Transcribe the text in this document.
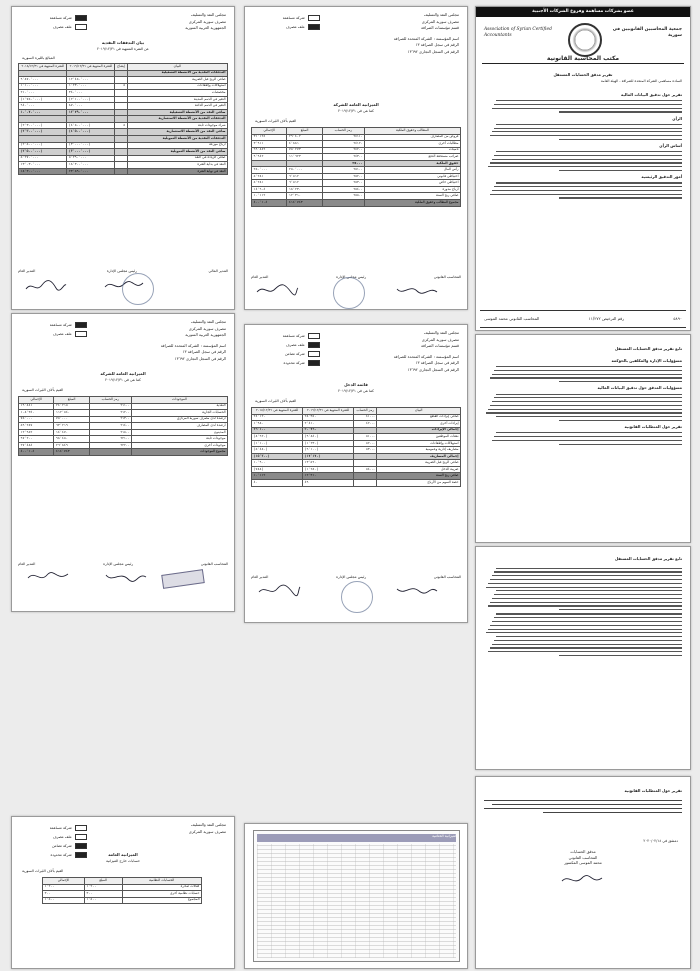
مجلس النقد والتسليف
مصرف سورية المركزي
الجمهورية العربية السورية
شركة مساهمة
ملف مصرف
بيان التدفقات النقدية
عن الفترة المنتهية في ٢٠١٩/١٢/٣١
المبالغ بالليرة السورية
البيان	إيضاح	للفترة المنتهية في ٢٠١٩/١٢/٣١	للفترة المنتهية في ٢٠١٨/١٢/٣١
التدفقات النقدية من الأنشطة التشغيلية			
صافي الربح قبل الضريبة		١٢٬٤٥٠٬٠٠٠	٩٬٨٧٠٬٠٠٠
استهلاكات وإطفاءات	٥	١٬٢٣٠٬٠٠٠	١٬١٠٠٬٠٠٠
مخصصات		٣٤٠٬٠٠٠	٢١٠٬٠٠٠
التغير في الذمم المدينة		(٢٬١٠٠٬٠٠٠)	(١٬٧٥٠٬٠٠٠)
التغير في الذمم الدائنة		٨٧٠٬٠٠٠	٦٤٠٬٠٠٠
صافي النقد من الأنشطة التشغيلية		١٢٬٧٩٠٬٠٠٠	١٠٬٠٧٠٬٠٠٠
التدفقات النقدية من الأنشطة الاستثمارية			
شراء موجودات ثابتة	٥	(٤٬٥٠٠٬٠٠٠)	(٢٬٣٠٠٬٠٠٠)
صافي النقد من الأنشطة الاستثمارية		(٤٬٥٠٠٬٠٠٠)	(٢٬٣٠٠٬٠٠٠)
التدفقات النقدية من الأنشطة التمويلية			
أرباح موزعة		(٣٬٠٠٠٬٠٠٠)	(٢٬٥٠٠٬٠٠٠)
صافي النقد من الأنشطة التمويلية		(٣٬٠٠٠٬٠٠٠)	(٢٬٥٠٠٬٠٠٠)
صافي الزيادة في النقد		٥٬٢٩٠٬٠٠٠	٥٬٢٧٠٬٠٠٠
النقد في بداية الفترة		١٨٬٣٠٠٬٠٠٠	١٣٬٠٣٠٬٠٠٠
النقد في نهاية الفترة		٢٣٬٥٩٠٬٠٠٠	١٨٬٣٠٠٬٠٠٠
المدير المالي
رئيس مجلس الإدارة
المدير العام
مجلس النقد والتسليف
مصرف سورية المركزي
قسم مؤسسات الصرافة
اسم المؤسسة : الشركة المتحدة للصرافة
الرقم في سجل الصرافة ١٣
الرقم في السجل التجاري ١٣٦٩٢
شركة مساهمة
ملف مصرف
الميزانية العامة للشركة
كما هي في ٢٠١٩/١٢/٣١
القيم بآلاف الليرات السورية
المطالب وحقوق الملكية	رمز الحساب	المبلغ	الإجمالي
قروض من المصارف	٢٤١١٠	٢٩٬٤٠٢	٣١٬١٢٤
مطالبات أخرى	٢٤١٢٠	٤٬٨٨١	٣٬٩١١
تأمينات	٢٤٢٠٠	٧٥٬٢٧٣	٦٩٬٨٤٩
ضرائب مستحقة الدفع	٢٤٣٠٠	١١٬٦٢٣	٩٬٩٤٢
حقوق الملكية	٢٥٠٠٠		
رأس المال	٢٥١٠٠	٢٥٠٬٠٠٠	٢٥٠٬٠٠٠
احتياطي قانوني	٢٥٢٠٠	٦٬٥١٢	٥٬٢٨١
احتياطي خاص	٢٥٣٠٠	٦٬٥١٢	٥٬٢٨١
أرباح مدورة	٢٥٤٠٠	١٨٬٢٣٠	١٤٬٦٠٤
صافي ربح السنة	٢٥٥٠٠	١٢٬٣١٠	١٠٬١١٢
مجموع المطالب وحقوق الملكية		٤١٤٬٧٤٣	٤٠٠٬١٠٤
المحاسب القانوني
رئيس مجلس الإدارة
المدير العام
عضو بشركات مساهمة وفروع الشركات الأجنبية
Association of Syrian Certified Accountants
جمعية المحاسبين القانونيين في سورية
مكتب المحاسبة القانونية
تقرير مدقق الحسابات المستقل

السادة مساهمي الشركة المتحدة للصرافة - الهيئة العامة

تقرير حول تدقيق البيانات المالية
الرأي
أساس الرأي
أمور التدقيق الرئيسية
٥٨٩٠
رقم الترخيص ١١/٢٧٢
المحاسب القانوني محمد الموسى
مجلس النقد والتسليف
مصرف سورية المركزي
الجمهورية العربية السورية
اسم المؤسسة : الشركة المتحدة للصرافة
الرقم في سجل الصرافة ١٣
الرقم في السجل التجاري ١٣٦٩٢
شركة مساهمة
ملف مصرف
الميزانية العامة للشركة
كما هي في ٢٠١٩/١٢/٣١
القيم بآلاف الليرات السورية
الموجودات	رمز الحساب	المبلغ	الإجمالي
النقدية	٢١١٠٠	٢٤٬٢١٥	١٩٬٨٤١
الحسابات الجارية	٢١٢٠٠	١١٢٬٥٤٠	١٠٨٬٣٤٠
أرصدة لدى مصرف سورية المركزي	٢١٣٠٠	٧٥٬٠٠٠	٧٥٬٠٠٠
أرصدة لدى المصارف	٢١٤٠٠	٦٣٬٢١٩	٥٩٬٢٨٧
المدينون	٢١٥٠٠	١٤٬٤٧٠	١٢٬٩٥٢
موجودات ثابتة	٢٢١٠٠	٩٨٬٤٥٠	٩٧٬٢٠٠
موجودات أخرى	٢٢٢٠٠	٢٦٬٨٤٩	٢٧٬٤٨٤
مجموع الموجودات		٤١٤٬٧٤٣	٤٠٠٬١٠٤
المحاسب القانوني
رئيس مجلس الإدارة
المدير العام
مجلس النقد والتسليف
مصرف سورية المركزي
قسم مؤسسات الصرافة
اسم المؤسسة : الشركة المتحدة للصرافة
الرقم في سجل الصرافة ١٣
الرقم في السجل التجاري ١٣٦٩٢
شركة مساهمة
ملف مصرف
شركة تضامن
شركة محدودة
قائمة الدخل
كما هي في ٢٠١٩/١٢/٣١
القيم بآلاف الليرات السورية
البيان	رمز الحساب	للفترة المنتهية في ٢٠١٩/١٢/٣١	للفترة المنتهية في ٢٠١٨/١٢/٣١
صافي إيرادات القطع	٤١٠٠٠	٢٨٬٣٥٠	٢٤٬١٢٠
إيرادات أخرى	٤٢٠٠٠	٢٬٤١٠	١٬٩٨٠
إجمالي الإيرادات		٣٠٬٧٦٠	٢٦٬١٠٠
نفقات الموظفين	٥١٠٠٠	(٩٬٨٤٠)	(٨٬٦٢٠)
استهلاكات وإطفاءات	٥٢٠٠٠	(١٬٢٣٠)	(١٬١٠٠)
مصاريف إدارية وعمومية	٥٣٠٠٠	(٦٬١٠٠)	(٥٬٤٨٠)
إجمالي المصاريف		(١٧٬١٧٠)	(١٥٬٢٠٠)
صافي الربح قبل الضريبة		١٣٬٥٩٠	١٠٬٩٠٠
ضريبة الدخل	٥٤٠٠٠	(١٬٢٨٠)	(٧٨٨)
صافي ربح السنة		١٢٬٣١٠	١٠٬١١٢
حصة السهم من الأرباح		٤٩	٤٠
المحاسب القانوني
رئيس مجلس الإدارة
المدير العام
تابع تقرير مدقق الحسابات المستقل
مسؤوليات الإدارة والمكلفين بالحوكمة
مسؤوليات المدقق حول تدقيق البيانات المالية
تقرير حول المتطلبات القانونية
تابع تقرير مدقق الحسابات المستقل
مجلس النقد والتسليف
مصرف سورية المركزي
شركة مساهمة
ملف مصرف
شركة تضامن
شركة محدودة	الميزانية العامة
حسابات خارج الميزانية
القيم بآلاف الليرات السورية
الحسابات النظامية	المبلغ	الإجمالي
كفالات صادرة	١٬٢٠٠	١٬٢٠٠
حسابات نظامية أخرى	٣٠٠	٣٠٠
المجموع	١٬٥٠٠	١٬٥٠٠
الميزانية الختامية
تقرير حول المتطلبات القانونية
دمشق في ٢٠٢٠/٠٢/١٤
مدقق الحسابات
المحاسب القانوني
محمد الموسى المكسور
